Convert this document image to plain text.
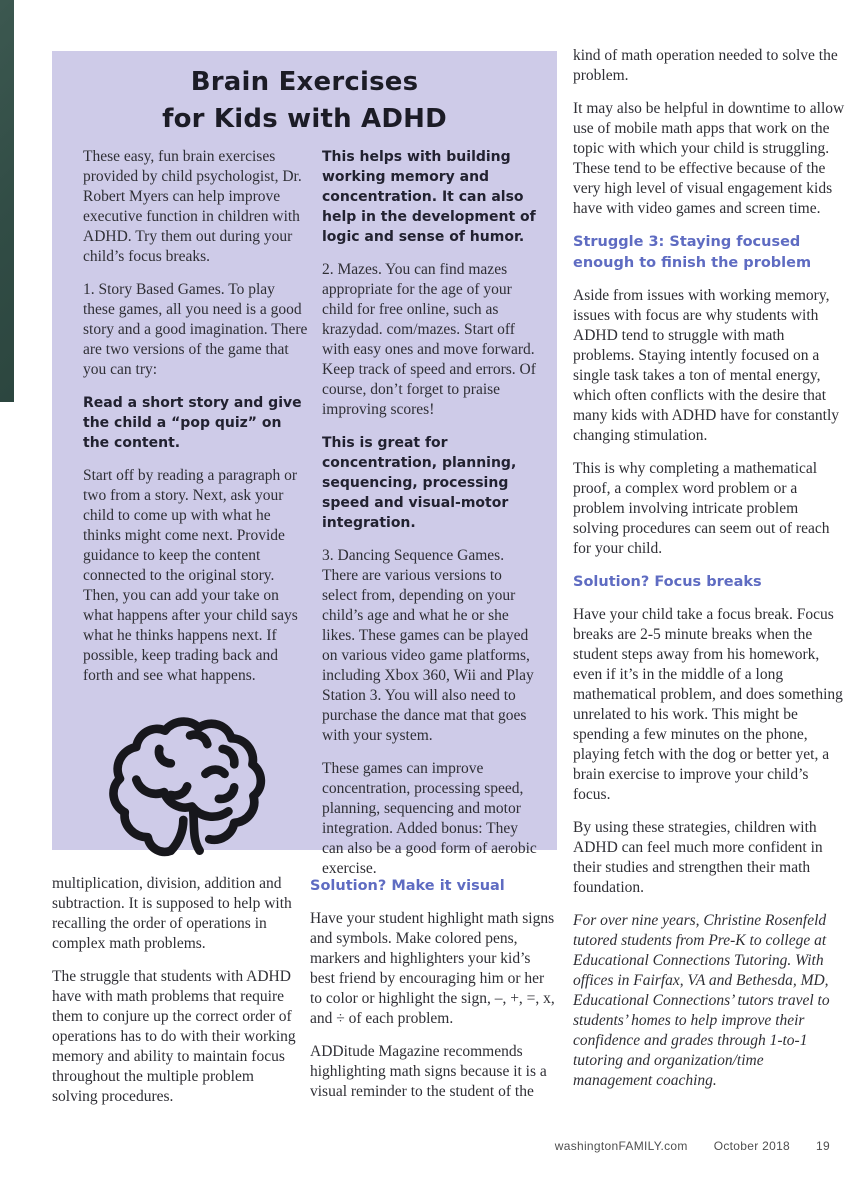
Brain Exercises
for Kids with ADHD

These easy, fun brain exercises provided by child psychologist, Dr. Robert Myers can help improve executive function in children with ADHD. Try them out during your child’s focus breaks.

1. Story Based Games. To play these games, all you need is a good story and a good imagination. There are two versions of the game that you can try:

Read a short story and give the child a “pop quiz” on the content.

Start off by reading a paragraph or two from a story. Next, ask your child to come up with what he thinks might come next. Provide guidance to keep the content connected to the original story. Then, you can add your take on what happens after your child says what he thinks happens next. If possible, keep trading back and forth and see what happens.

This helps with building working memory and concentration. It can also help in the development of logic and sense of humor.

2. Mazes. You can find mazes appropriate for the age of your child for free online, such as krazydad. com/mazes. Start off with easy ones and move forward. Keep track of speed and errors. Of course, don’t forget to praise improving scores!

This is great for concentration, planning, sequencing, processing speed and visual-motor integration.

3. Dancing Sequence Games. There are various versions to select from, depending on your child’s age and what he or she likes. These games can be played on various video game platforms, including Xbox 360, Wii and Play Station 3. You will also need to purchase the dance mat that goes with your system.

These games can improve concentration, processing speed, planning, sequencing and motor integration. Added bonus: They can also be a good form of aerobic exercise.

kind of math operation needed to solve the problem.

It may also be helpful in downtime to allow use of mobile math apps that work on the topic with which your child is struggling. These tend to be effective because of the very high level of visual engagement kids have with video games and screen time.

Struggle 3: Staying focused enough to finish the problem

Aside from issues with working memory, issues with focus are why students with ADHD tend to struggle with math problems. Staying intently focused on a single task takes a ton of mental energy, which often conflicts with the desire that many kids with ADHD have for constantly changing stimulation.

This is why completing a mathematical proof, a complex word problem or a problem involving intricate problem solving procedures can seem out of reach for your child.

Solution? Focus breaks

Have your child take a focus break. Focus breaks are 2-5 minute breaks when the student steps away from his homework, even if it’s in the middle of a long mathematical problem, and does something unrelated to his work. This might be spending a few minutes on the phone, playing fetch with the dog or better yet, a brain exercise to improve your child’s focus.

By using these strategies, children with ADHD can feel much more confident in their studies and strengthen their math foundation.

For over nine years, Christine Rosenfeld tutored students from Pre-K to college at Educational Connections Tutoring. With offices in Fairfax, VA and Bethesda, MD, Educational Connections’ tutors travel to students’ homes to help improve their confidence and grades through 1-to-1 tutoring and organization/time management coaching.

multiplication, division, addition and subtraction. It is supposed to help with recalling the order of operations in complex math problems.

The struggle that students with ADHD have with math problems that require them to conjure up the correct order of operations has to do with their working memory and ability to maintain focus throughout the multiple problem solving procedures.

Solution? Make it visual

Have your student highlight math signs and symbols. Make colored pens, markers and highlighters your kid’s best friend by encouraging him or her to color or highlight the sign, –, +, =, x, and ÷ of each problem.

ADDitude Magazine recommends highlighting math signs because it is a visual reminder to the student of the

washingtonFAMILY.com October 2018 19
